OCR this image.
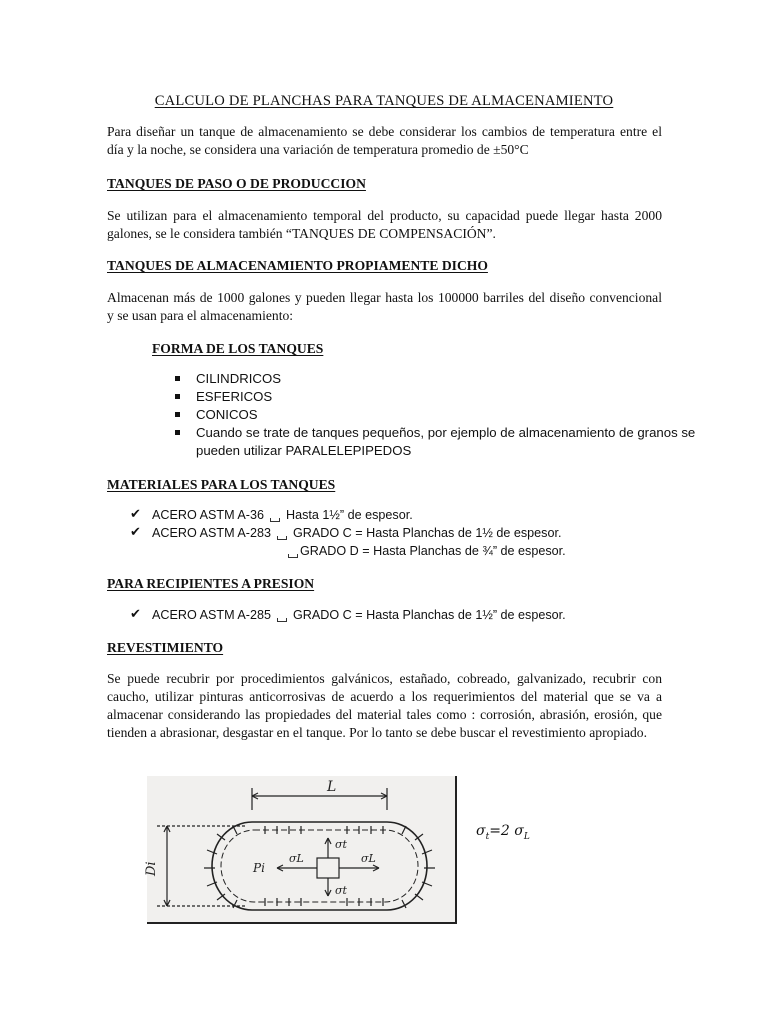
CALCULO DE PLANCHAS PARA TANQUES DE ALMACENAMIENTO
Para diseñar un tanque de almacenamiento se debe considerar los cambios de temperatura entre el
día y la noche, se considera una variación de temperatura promedio de ±50°C
TANQUES DE PASO O DE PRODUCCION
Se utilizan para el almacenamiento temporal del producto, su capacidad puede llegar hasta 2000
galones, se le considera también “TANQUES DE COMPENSACIÓN”.
TANQUES DE ALMACENAMIENTO PROPIAMENTE DICHO
Almacenan más de 1000 galones y pueden llegar hasta los 100000 barriles del diseño convencional
y se usan para el almacenamiento:
FORMA DE LOS TANQUES
CILINDRICOS
ESFERICOS
CONICOS
Cuando se trate de tanques pequeños, por ejemplo de almacenamiento de granos se
pueden utilizar PARALELEPIPEDOS
MATERIALES PARA LOS TANQUES
✔ ACERO ASTM A-36 Hasta 1½” de espesor.
✔ ACERO ASTM A-283 GRADO C = Hasta Planchas de 1½ de espesor.
GRADO D = Hasta Planchas de ¾” de espesor.
PARA RECIPIENTES A PRESION
✔ ACERO ASTM A-285 GRADO C = Hasta Planchas de 1½” de espesor.
REVESTIMIENTO
Se puede recubrir por procedimientos galvánicos, estañado, cobreado, galvanizado, recubrir con
caucho, utilizar pinturas anticorrosivas de acuerdo a los requerimientos del material que se va a
almacenar considerando las propiedades del material tales como : corrosión, abrasión, erosión, que
tienden a abrasionar, desgastar en el tanque. Por lo tanto se debe buscar el revestimiento apropiado.
L
Di	Pi
σL	σL
σt
σt
$\sigma_t=2$ $\sigma_L$
